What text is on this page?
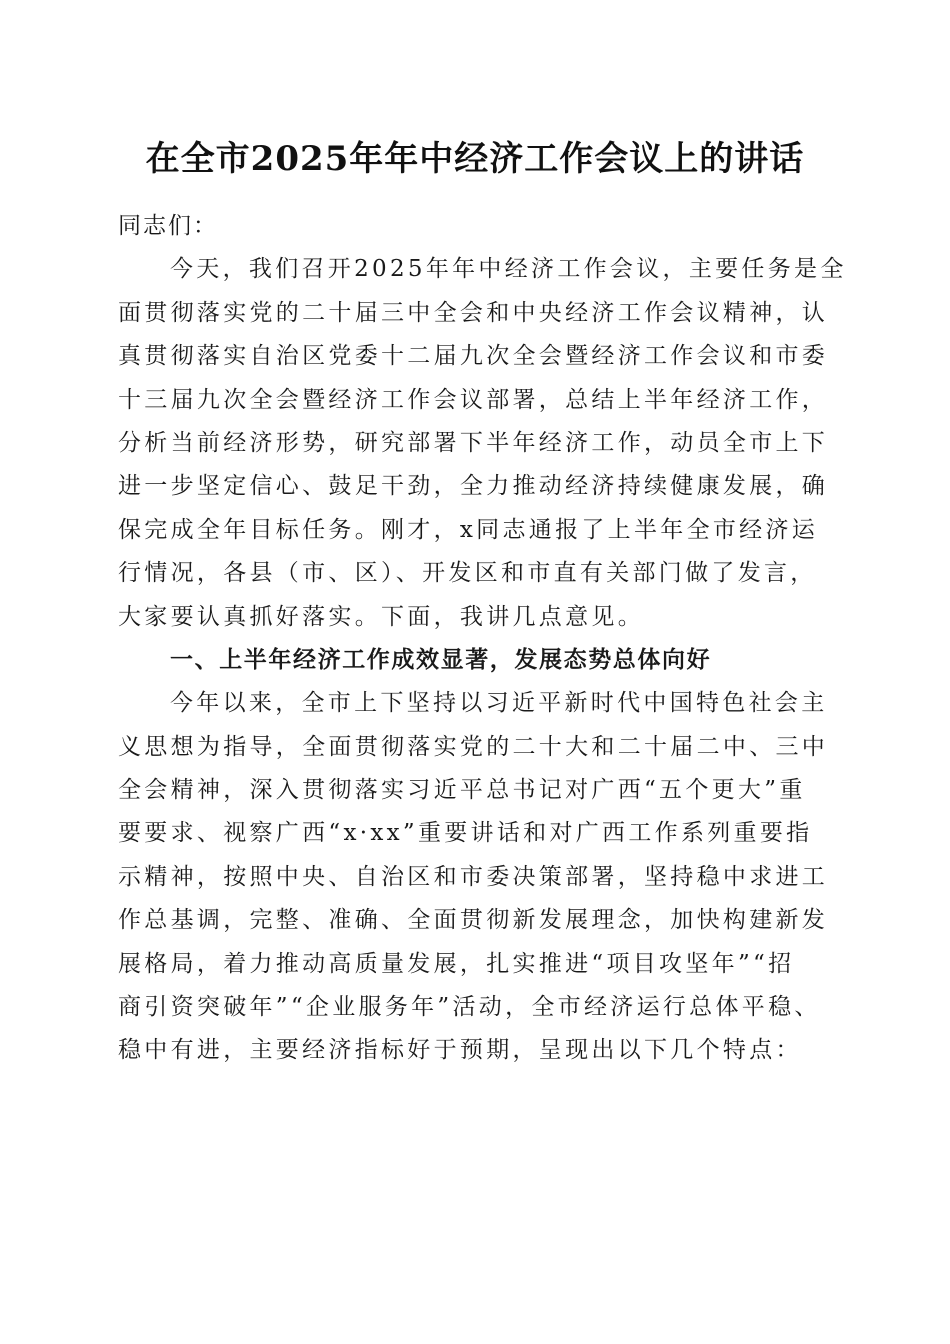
在全市2025年年中经济工作会议上的讲话
同志们：
今天，我们召开2025年年中经济工作会议，主要任务是全
面贯彻落实党的二十届三中全会和中央经济工作会议精神，认
真贯彻落实自治区党委十二届九次全会暨经济工作会议和市委
十三届九次全会暨经济工作会议部署，总结上半年经济工作，
分析当前经济形势，研究部署下半年经济工作，动员全市上下
进一步坚定信心、鼓足干劲，全力推动经济持续健康发展，确
保完成全年目标任务。刚才，x同志通报了上半年全市经济运
行情况，各县（市、区）、开发区和市直有关部门做了发言，
大家要认真抓好落实。下面，我讲几点意见。
一、上半年经济工作成效显著，发展态势总体向好
今年以来，全市上下坚持以习近平新时代中国特色社会主
义思想为指导，全面贯彻落实党的二十大和二十届二中、三中
全会精神，深入贯彻落实习近平总书记对广西“五个更大”重
要要求、视察广西“x·xx”重要讲话和对广西工作系列重要指
示精神，按照中央、自治区和市委决策部署，坚持稳中求进工
作总基调，完整、准确、全面贯彻新发展理念，加快构建新发
展格局，着力推动高质量发展，扎实推进“项目攻坚年”“招
商引资突破年”“企业服务年”活动，全市经济运行总体平稳、
稳中有进，主要经济指标好于预期，呈现出以下几个特点：
